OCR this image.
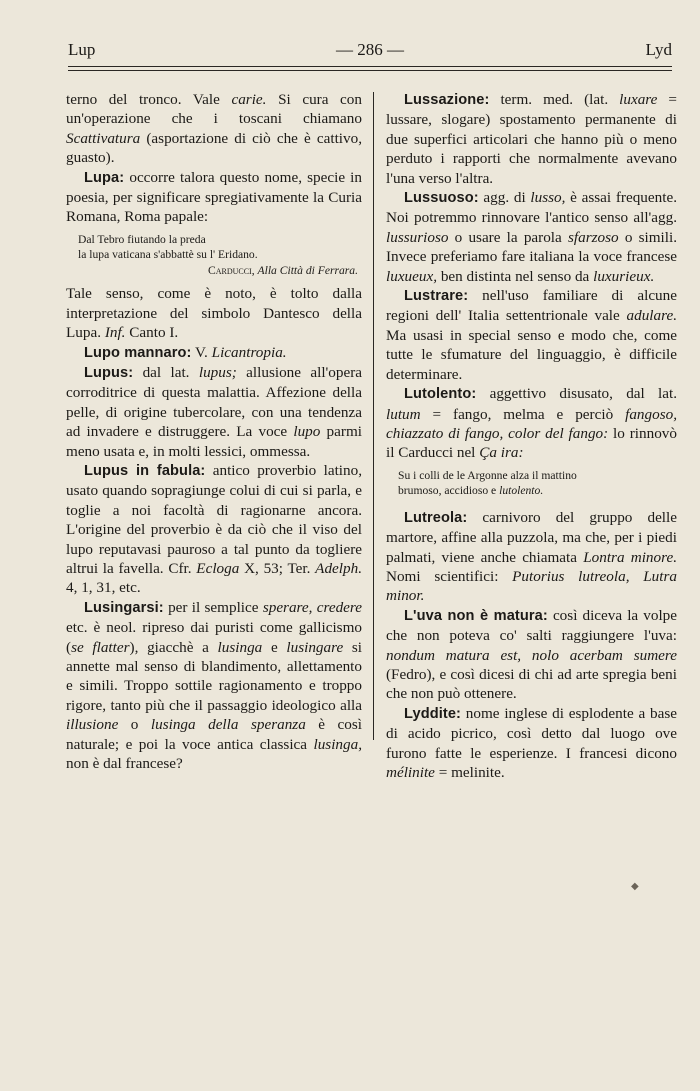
Lup	— 286 —	Lyd

terno del tronco. Vale carie. Si cura con un'operazione che i toscani chiamano Scattivatura (asportazione di ciò che è cattivo, guasto).

Lupa: occorre talora questo nome, specie in poesia, per significare spregiativamente la Curia Romana, Roma papale:

Dal Tebro fiutando la preda
la lupa vaticana s'abbattè su l' Eridano.
Carducci, Alla Città di Ferrara.

Tale senso, come è noto, è tolto dalla interpretazione del simbolo Dantesco della Lupa. Inf. Canto I.

Lupo mannaro: V. Licantropia.

Lupus: dal lat. lupus; allusione all'opera corroditrice di questa malattia. Affezione della pelle, di origine tubercolare, con una tendenza ad invadere e distruggere. La voce lupo parmi meno usata e, in molti lessici, ommessa.

Lupus in fabula: antico proverbio latino, usato quando sopragiunge colui di cui si parla, e toglie a noi facoltà di ragionarne ancora. L'origine del proverbio è da ciò che il viso del lupo reputavasi pauroso a tal punto da togliere altrui la favella. Cfr. Ecloga X, 53; Ter. Adelph. 4, 1, 31, etc.

Lusingarsi: per il semplice sperare, credere etc. è neol. ripreso dai puristi come gallicismo (se flatter), giacchè a lusinga e lusingare si annette mal senso di blandimento, allettamento e simili. Troppo sottile ragionamento e troppo rigore, tanto più che il passaggio ideologico alla illusione o lusinga della speranza è così naturale; e poi la voce antica classica lusinga, non è dal francese?

Lussazione: term. med. (lat. luxare = lussare, slogare) spostamento permanente di due superfici articolari che hanno più o meno perduto i rapporti che normalmente avevano l'una verso l'altra.

Lussuoso: agg. di lusso, è assai frequente. Noi potremmo rinnovare l'antico senso all'agg. lussurioso o usare la parola sfarzoso o simili. Invece preferiamo fare italiana la voce francese luxueux, ben distinta nel senso da luxurieux.

Lustrare: nell'uso familiare di alcune regioni dell' Italia settentrionale vale adulare. Ma usasi in special senso e modo che, come tutte le sfumature del linguaggio, è difficile determinare.

Lutolento: aggettivo disusato, dal lat. lutum = fango, melma e perciò fangoso, chiazzato di fango, color del fango: lo rinnovò il Carducci nel Ça ira:

Su i colli de le Argonne alza il mattino
brumoso, accidioso e lutolento.

Lutreola: carnivoro del gruppo delle martore, affine alla puzzola, ma che, per i piedi palmati, viene anche chiamata Lontra minore. Nomi scientifici: Putorius lutreola, Lutra minor.

L'uva non è matura: così diceva la volpe che non poteva co' salti raggiungere l'uva: nondum matura est, nolo acerbam sumere (Fedro), e così dicesi di chi ad arte spregia beni che non può ottenere.

Lyddite: nome inglese di esplodente a base di acido picrico, così detto dal luogo ove furono fatte le esperienze. I francesi dicono mélinite = melinite.

◆
